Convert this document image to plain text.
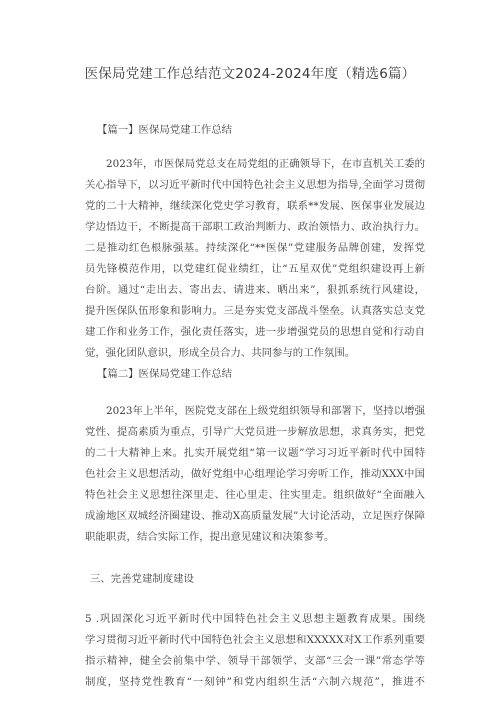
医保局党建工作总结范文2024-2024年度（精选6篇）
【篇一】医保局党建工作总结
2023年，市医保局党总支在局党组的正确领导下，在市直机关工委的
关心指导下，以习近平新时代中国特色社会主义思想为指导,全面学习贯彻
党的二十大精神，继续深化党史学习教育，联系**发展、医保事业发展边
学边悟边干，不断提高干部职工政治判断力、政治领悟力、政治执行力。
二是推动红色根脉强基。持续深化“**医保”党建服务品牌创建，发挥党
员先锋模范作用，以党建红促业绩红，让“五星双优”党组织建设再上新
台阶。通过“走出去、寄出去、请进来、晒出来”，狠抓系统行风建设，
提升医保队伍形象和影响力。三是夯实党支部战斗堡垒。认真落实总支党
建工作和业务工作，强化责任落实，进一步增强党员的思想自觉和行动自
觉，强化团队意识，形成全员合力、共同参与的工作氛围。
【篇二】医保局党建工作总结
2023年上半年，医院党支部在上级党组织领导和部署下，坚持以增强
党性、提高素质为重点，引导广大党员进一步解放思想，求真务实，把党
的二十大精神上来。扎实开展党组“第一议题”学习习近平新时代中国特
色社会主义思想活动，做好党组中心组理论学习旁听工作，推动XXX中国
特色社会主义思想往深里走、往心里走、往实里走。组织做好“全面融入
成渝地区双城经济圈建设、推动X高质量发展”大讨论活动，立足医疗保障
职能职责，结合实际工作，提出意见建议和决策参考。
三、完善党建制度建设
5 .巩固深化习近平新时代中国特色社会主义思想主题教育成果。围绕
学习贯彻习近平新时代中国特色社会主义思想和XXXXX对X工作系列重要
指示精神，健全会前集中学、领导干部领学、支部“三会一课”常态学等
制度，坚持党性教育“一刻钟”和党内组织生活“六制六规范”，推进不
